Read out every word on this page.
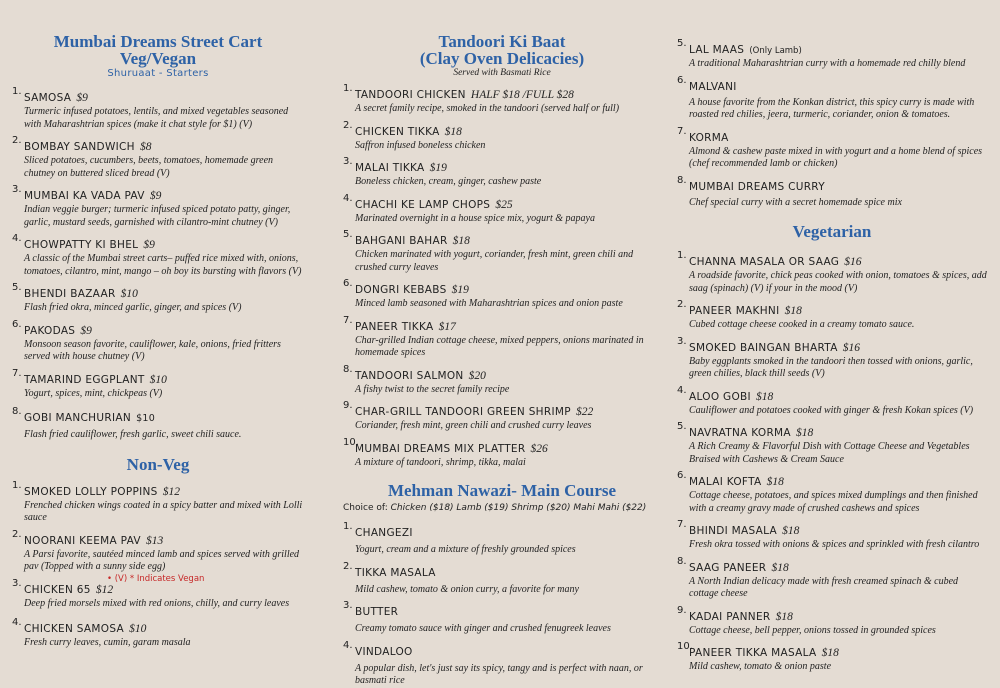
Mumbai Dreams Street Cart
Veg/Vegan
Shuruaat - Starters
1.
SAMOSA $9
Turmeric infused potatoes, lentils, and mixed vegetables seasoned with Maharashtrian spices (make it chat style for $1) (V)
2.
BOMBAY SANDWICH $8
Sliced potatoes, cucumbers, beets, tomatoes, homemade green chutney on buttered sliced bread (V)
3.
MUMBAI KA VADA PAV $9
Indian veggie burger; turmeric infused spiced potato patty, ginger, garlic, mustard seeds, garnished with cilantro-mint chutney (V)
4.
CHOWPATTY KI BHEL $9
A classic of the Mumbai street carts– puffed rice mixed with, onions, tomatoes, cilantro, mint, mango – oh boy its bursting with flavors (V)
5.
BHENDI BAZAAR $10
Flash fried okra, minced garlic, ginger, and spices (V)
6.
PAKODAS $9
Monsoon season favorite, cauliflower, kale, onions, fried fritters served with house chutney (V)
7.
TAMARIND EGGPLANT $10
Yogurt, spices, mint, chickpeas (V)
8.
GOBI MANCHURIAN $10
Flash fried cauliflower, fresh garlic, sweet chili sauce.
Non-Veg
1.
SMOKED LOLLY POPPINS $12
Frenched chicken wings coated in a spicy batter and mixed with Lolli sauce
2.
NOORANI KEEMA PAV $13
A Parsi favorite, sautéed minced lamb and spices served with grilled pav (Topped with a sunny side egg)
3.
CHICKEN 65 $12
Deep fried morsels mixed with red onions, chilly, and curry leaves
4.
CHICKEN SAMOSA $10
Fresh curry leaves, cumin, garam masala
• (V) * Indicates Vegan
Tandoori Ki Baat
(Clay Oven Delicacies)
Served with Basmati Rice
1.
TANDOORI CHICKEN HALF $18 /FULL $28
A secret family recipe, smoked in the tandoori (served half or full)
2.
CHICKEN TIKKA $18
Saffron infused boneless chicken
3.
MALAI TIKKA $19
Boneless chicken, cream, ginger, cashew paste
4.
CHACHI KE LAMP CHOPS $25
Marinated overnight in a house spice mix, yogurt & papaya
5.
BAHGANI BAHAR $18
Chicken marinated with yogurt, coriander, fresh mint, green chili and crushed curry leaves
6.
DONGRI KEBABS $19
Minced lamb seasoned with Maharashtrian spices and onion paste
7.
PANEER TIKKA $17
Char-grilled Indian cottage cheese, mixed peppers, onions marinated in homemade spices
8.
TANDOORI SALMON $20
A fishy twist to the secret family recipe
9.
CHAR-GRILL TANDOORI GREEN SHRIMP $22
Coriander, fresh mint, green chili and crushed curry leaves
10.
MUMBAI DREAMS MIX PLATTER $26
A mixture of tandoori, shrimp, tikka, malai
Mehman Nawazi- Main Course
Choice of: Chicken ($18) Lamb ($19) Shrimp ($20) Mahi Mahi ($22)
1.
CHANGEZI
Yogurt, cream and a mixture of freshly grounded spices
2.
TIKKA MASALA
Mild cashew, tomato & onion curry, a favorite for many
3.
BUTTER
Creamy tomato sauce with ginger and crushed fenugreek leaves
4.
VINDALOO
A popular dish, let's just say its spicy, tangy and is perfect with naan, or basmati rice
5.
LAL MAAS (Only Lamb)
A traditional Maharashtrian curry with a homemade red chilly blend
6.
MALVANI
A house favorite from the Konkan district, this spicy curry is made with roasted red chilies, jeera, turmeric, coriander, onion & tomatoes.
7.
KORMA
Almond & cashew paste mixed in with yogurt and a home blend of spices (chef recommended lamb or chicken)
8.
MUMBAI DREAMS CURRY
Chef special curry with a secret homemade spice mix
Vegetarian
1.
CHANNA MASALA OR SAAG $16
A roadside favorite, chick peas cooked with onion, tomatoes & spices, add saag (spinach) (V) if your in the mood (V)
2.
PANEER MAKHNI $18
Cubed cottage cheese cooked in a creamy tomato sauce.
3.
SMOKED BAINGAN BHARTA $16
Baby eggplants smoked in the tandoori then tossed with onions, garlic, green chilies, black thill seeds (V)
4.
ALOO GOBI $18
Cauliflower and potatoes cooked with ginger & fresh Kokan spices (V)
5.
NAVRATNA KORMA $18
A Rich Creamy & Flavorful Dish with Cottage Cheese and Vegetables Braised with Cashews & Cream Sauce
6.
MALAI KOFTA $18
Cottage cheese, potatoes, and spices mixed dumplings and then finished with a creamy gravy made of crushed cashews and spices
7.
BHINDI MASALA $18
Fresh okra tossed with onions & spices and sprinkled with fresh cilantro
8.
SAAG PANEER $18
A North Indian delicacy made with fresh creamed spinach & cubed cottage cheese
9.
KADAI PANNER $18
Cottage cheese, bell pepper, onions tossed in grounded spices
10.
PANEER TIKKA MASALA $18
Mild cashew, tomato & onion paste
